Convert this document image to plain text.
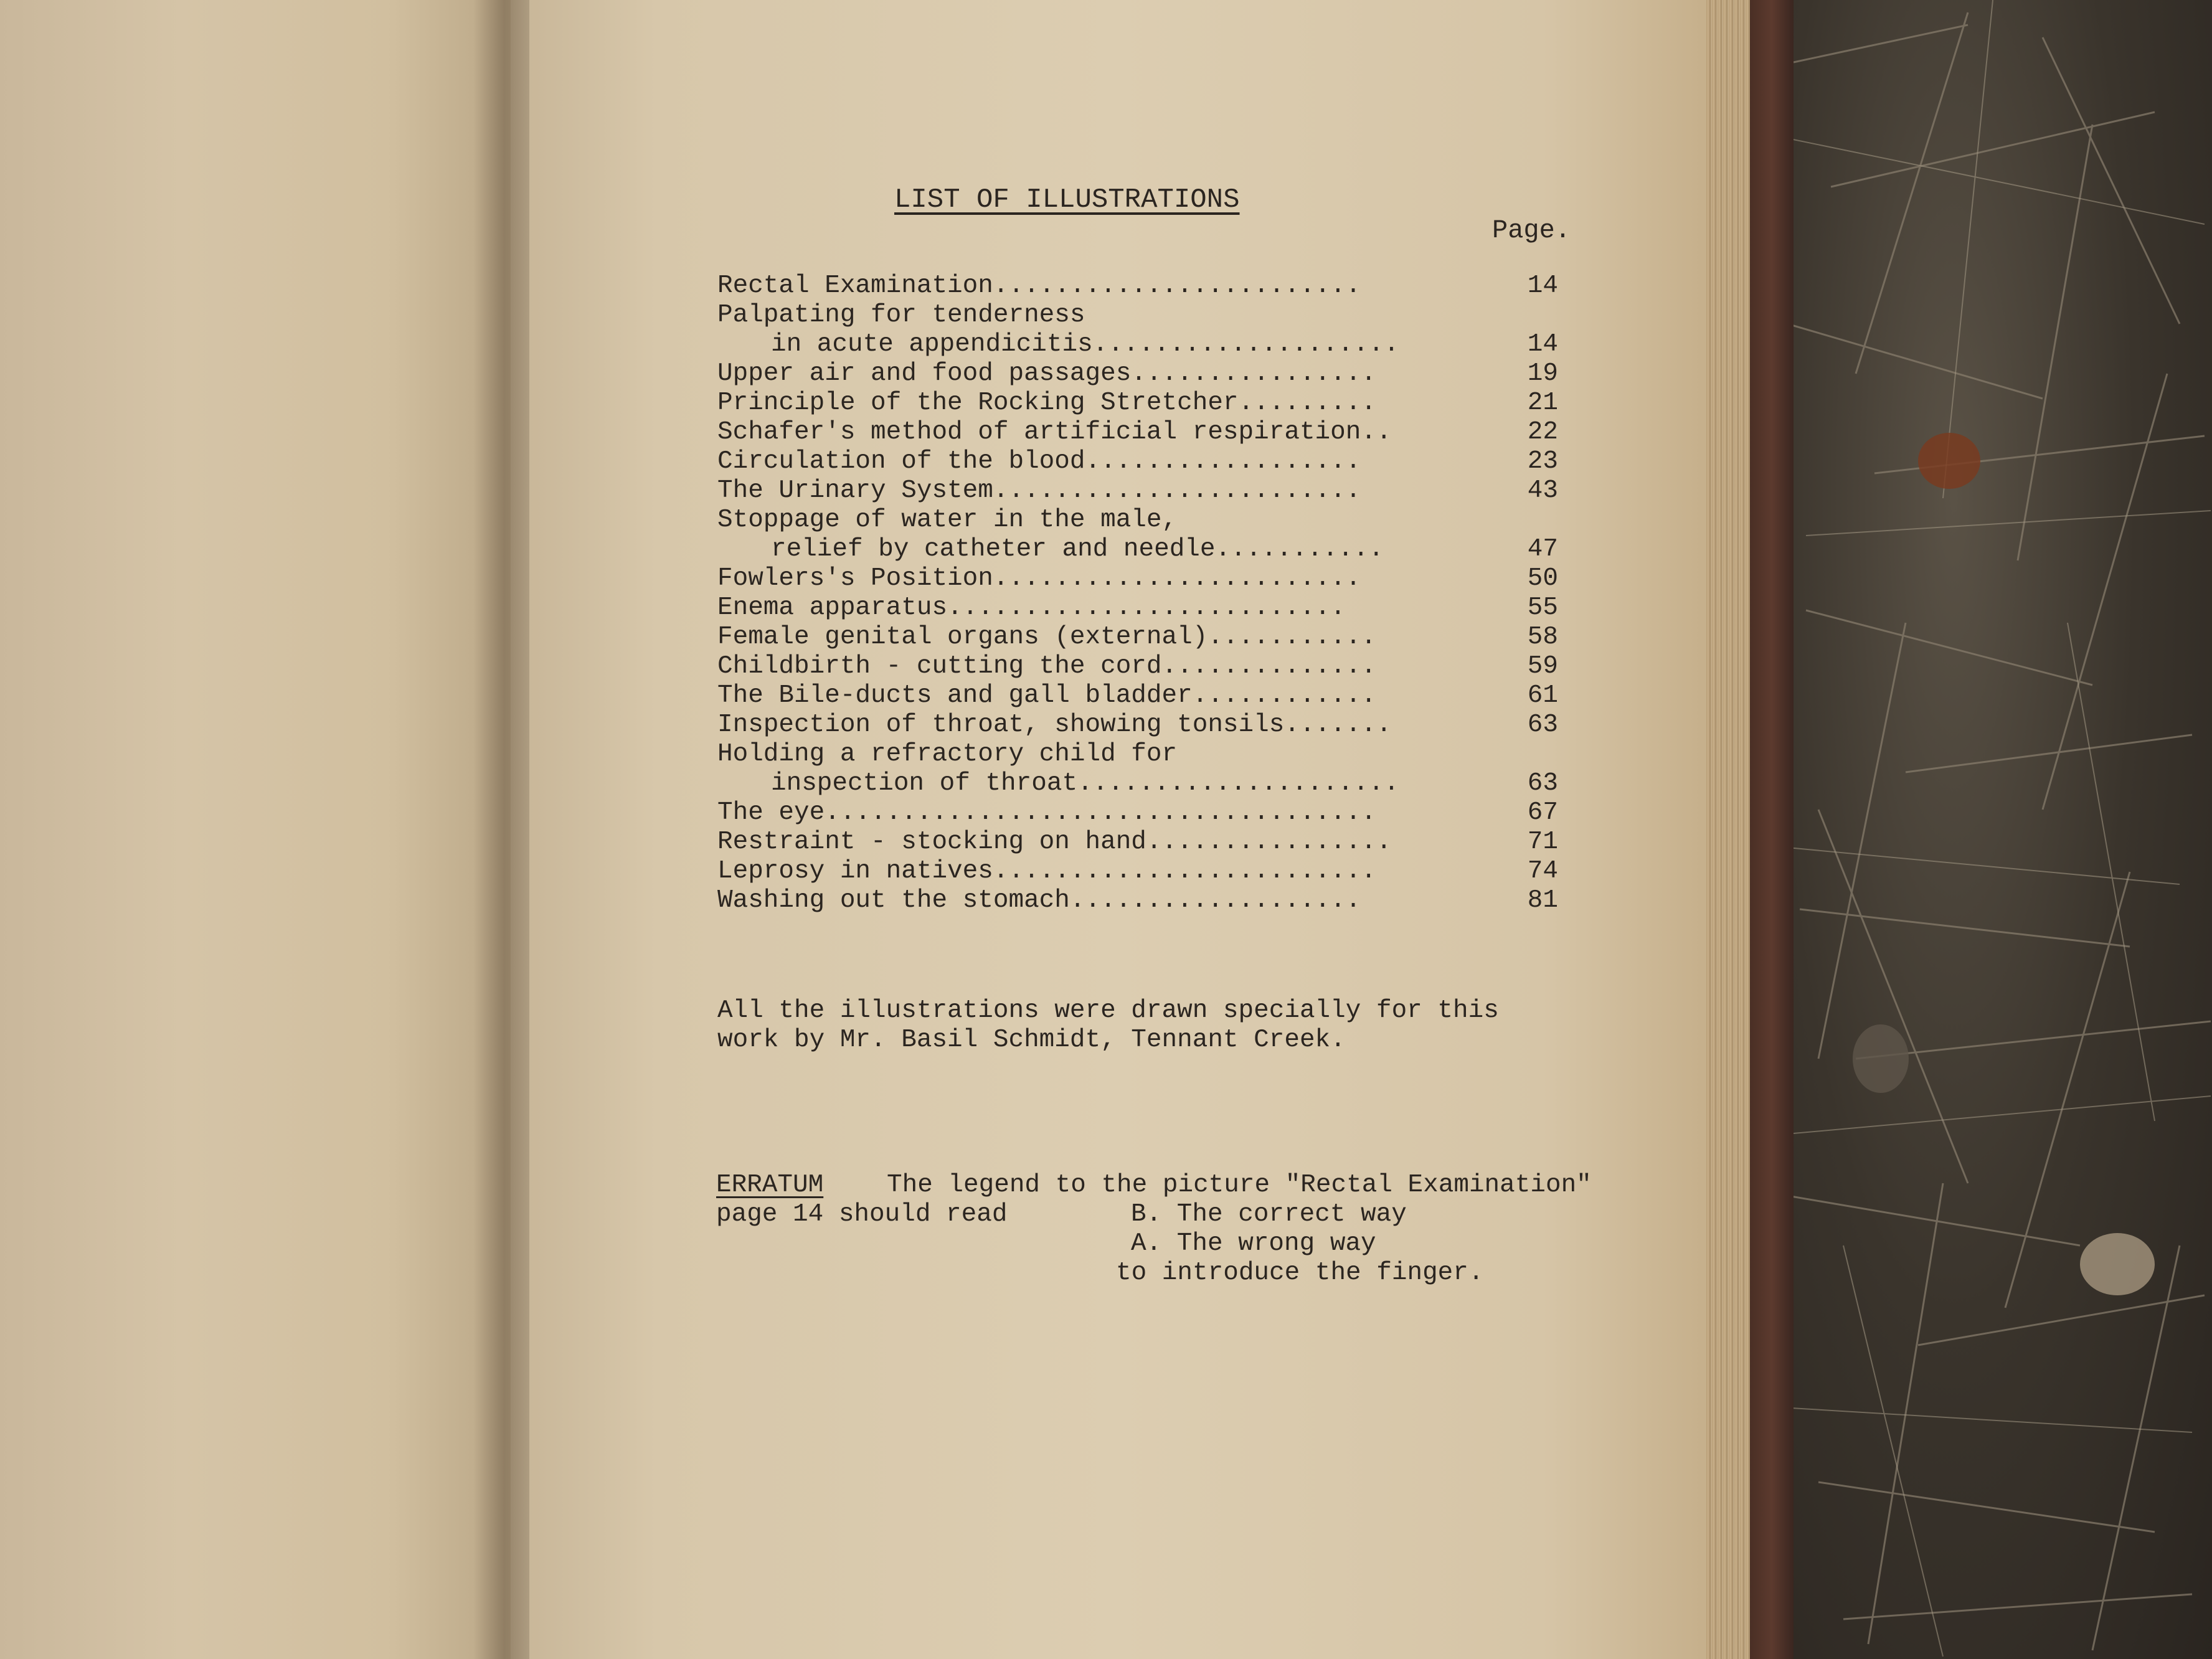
LIST OF ILLUSTRATIONS
Page.
Rectal Examination........................	14
Palpating for tenderness
in acute appendicitis....................	14
Upper air and food passages................	19
Principle of the Rocking Stretcher.........	21
Schafer's method of artificial respiration..	22
Circulation of the blood..................	23
The Urinary System........................	43
Stoppage of water in the male,
relief by catheter and needle...........	47
Fowlers's Position........................	50
Enema apparatus..........................	55
Female genital organs (external)...........	58
Childbirth - cutting the cord..............	59
The Bile-ducts and gall bladder............	61
Inspection of throat, showing tonsils.......	63
Holding a refractory child for
inspection of throat.....................	63
The eye....................................	67
Restraint - stocking on hand................	71
Leprosy in natives.........................	74
Washing out the stomach...................	81
All the illustrations were drawn specially for this
work by Mr. Basil Schmidt, Tennant Creek.
ERRATUM The legend to the picture "Rectal Examination"
page 14 should read	B. The correct way
A. The wrong way
to introduce the finger.
